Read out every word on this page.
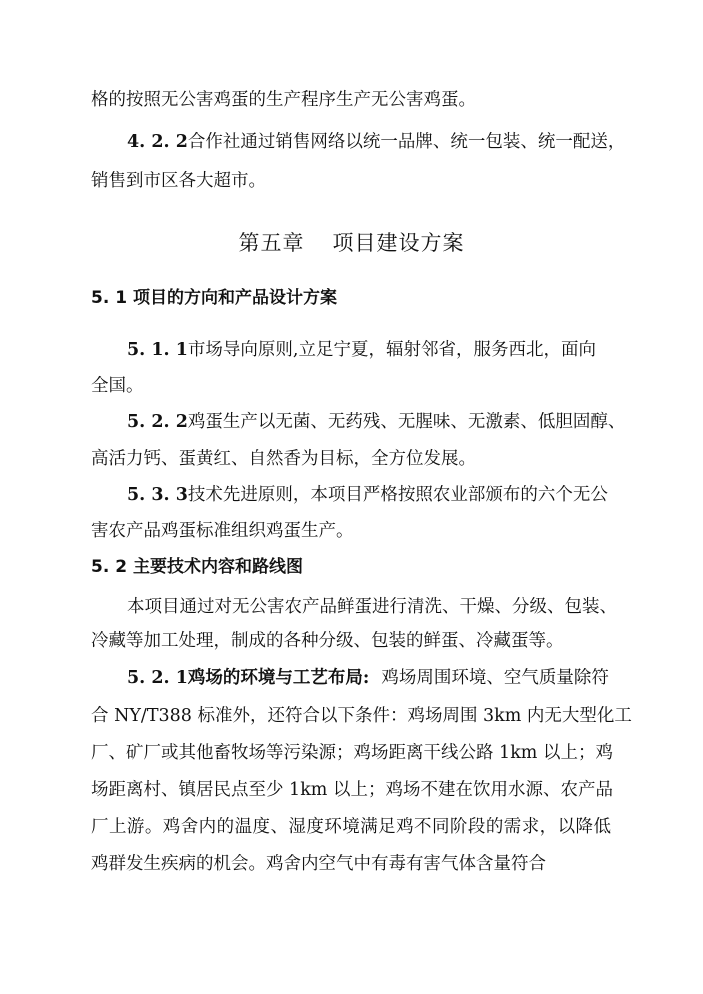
格的按照无公害鸡蛋的生产程序生产无公害鸡蛋。
4. 2. 2合作社通过销售网络以统一品牌、统一包装、统一配送，
销售到市区各大超市。
第五章 项目建设方案
5. 1 项目的方向和产品设计方案
5. 1. 1市场导向原则,立足宁夏，辐射邻省，服务西北，面向
全国。
5. 2. 2鸡蛋生产以无菌、无药残、无腥味、无激素、低胆固醇、
高活力钙、蛋黄红、自然香为目标，全方位发展。
5. 3. 3技术先进原则，本项目严格按照农业部颁布的六个无公
害农产品鸡蛋标准组织鸡蛋生产。
5. 2 主要技术内容和路线图
本项目通过对无公害农产品鲜蛋进行清洗、干燥、分级、包装、
冷藏等加工处理，制成的各种分级、包装的鲜蛋、冷藏蛋等。
5. 2. 1鸡场的环境与工艺布局: 鸡场周围环境、空气质量除符
合 NY/T388 标准外，还符合以下条件：鸡场周围 3km 内无大型化工
厂、矿厂或其他畜牧场等污染源；鸡场距离干线公路 1km 以上；鸡
场距离村、镇居民点至少 1km 以上；鸡场不建在饮用水源、农产品
厂上游。鸡舍内的温度、湿度环境满足鸡不同阶段的需求，以降低
鸡群发生疾病的机会。鸡舍内空气中有毒有害气体含量符合
